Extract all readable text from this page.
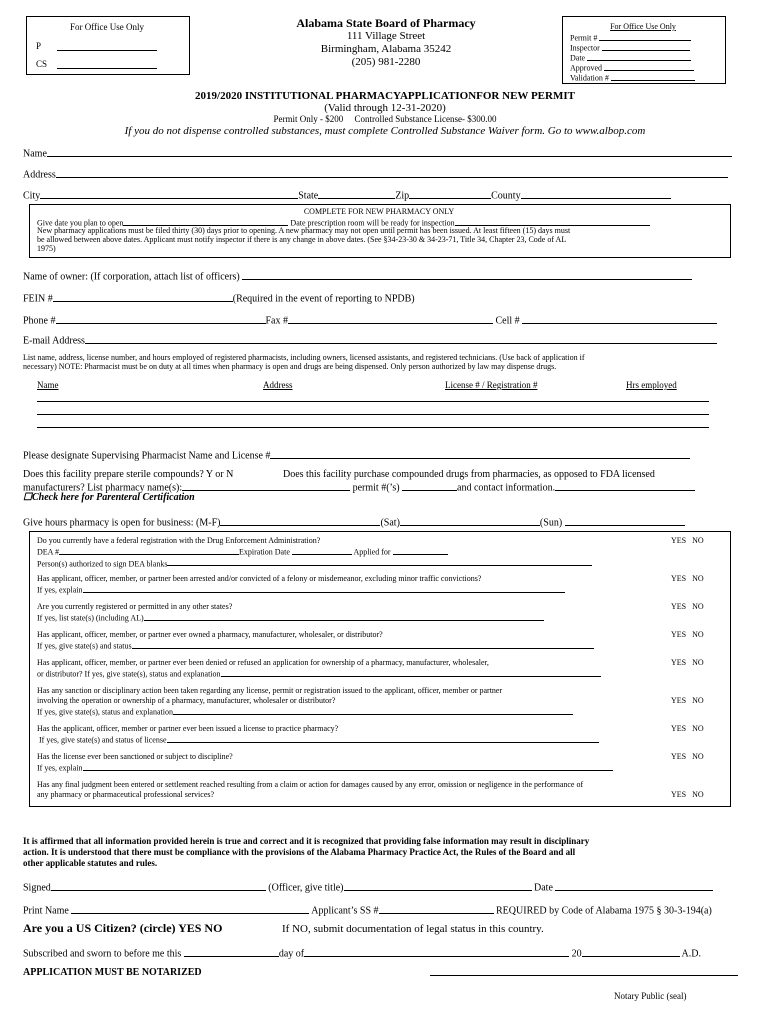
For Office Use Only
P
CS
Alabama State Board of Pharmacy
111 Village Street
Birmingham, Alabama 35242
(205) 981-2280
For Office Use Only
Permit #
Inspector
Date
Approved
Validation #
2019/2020 INSTITUTIONAL PHARMACYAPPLICATIONFOR NEW PERMIT
(Valid through 12-31-2020)
Permit Only - $200     Controlled Substance License- $300.00
If you do not dispense controlled substances, must complete Controlled Substance Waiver form. Go to www.albop.com
Name
Address
City	State	Zip	County
COMPLETE FOR NEW PHARMACY ONLY
Give date you plan to open	Date prescription room will be ready for inspection
New pharmacy applications must be filed thirty (30) days prior to opening. A new pharmacy may not open until permit has been issued. At least fifteen (15) days must
be allowed between above dates. Applicant must notify inspector if there is any change in above dates. (See §34-23-30 & 34-23-71, Title 34, Chapter 23, Code of AL
1975)
Name of owner: (If corporation, attach list of officers)
FEIN #	(Required in the event of reporting to NPDB)
Phone #	Fax #	Cell #
E-mail Address
List name, address, license number, and hours employed of registered pharmacists, including owners, licensed assistants, and registered technicians. (Use back of application if
necessary) NOTE: Pharmacist must be on duty at all times when pharmacy is open and drugs are being dispensed. Only person authorized by law may dispense drugs.
Name	Address	License # / Registration #	Hrs employed
Please designate Supervising Pharmacist Name and License #
Does this facility prepare sterile compounds? Y or N	Does this facility purchase compounded drugs from pharmacies, as opposed to FDA licensed
manufacturers? List pharmacy name(s):	permit #(’s)	and contact information.
☐Check here for Parenteral Certification
Give hours pharmacy is open for business: (M-F)	(Sat)	(Sun)
Do you currently have a federal registration with the Drug Enforcement Administration?
DEA #	Expiration Date	Applied for
Person(s) authorized to sign DEA blanks
YES NO
Has applicant, officer, member, or partner been arrested and/or convicted of a felony or misdemeanor, excluding minor traffic convictions?
If yes, explain
YES NO
Are you currently registered or permitted in any other states?
If yes, list state(s) (including AL)
YES NO
Has applicant, officer, member, or partner ever owned a pharmacy, manufacturer, wholesaler, or distributor?
If yes, give state(s) and status
YES NO
Has applicant, officer, member, or partner ever been denied or refused an application for ownership of a pharmacy, manufacturer, wholesaler,
or distributor? If yes, give state(s), status and explanation
YES NO
Has any sanction or disciplinary action been taken regarding any license, permit or registration issued to the applicant, officer, member or partner
involving the operation or ownership of a pharmacy, manufacturer, wholesaler or distributor?
If yes, give state(s), status and explanation
YES NO
Has the applicant, officer, member or partner ever been issued a license to practice pharmacy?
If yes, give state(s) and status of license
YES NO
Has the license ever been sanctioned or subject to discipline?
If yes, explain
YES NO
Has any final judgment been entered or settlement reached resulting from a claim or action for damages caused by any error, omission or negligence in the performance of
any pharmacy or pharmaceutical professional services?	YES NO
It is affirmed that all information provided herein is true and correct and it is recognized that providing false information may result in disciplinary
action. It is understood that there must be compliance with the provisions of the Alabama Pharmacy Practice Act, the Rules of the Board and all
other applicable statutes and rules.
Signed	(Officer, give title)	Date
Print Name	Applicant’s SS #	REQUIRED by Code of Alabama 1975 § 30-3-194(a)
Are you a US Citizen? (circle) YES NO	If NO, submit documentation of legal status in this country.
Subscribed and sworn to before me this	day of	20	A.D.
APPLICATION MUST BE NOTARIZED
Notary Public (seal)
